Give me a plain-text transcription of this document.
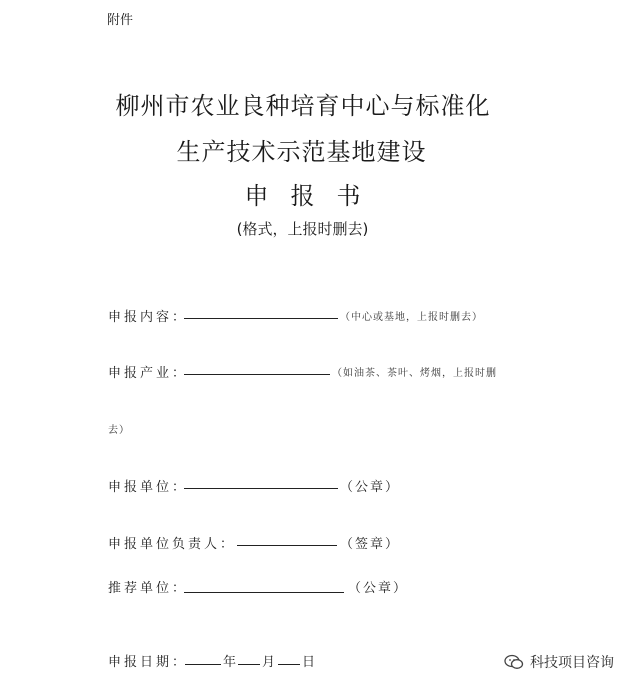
附件
柳州市农业良种培育中心与标准化
生产技术示范基地建设
申报书
(格式，上报时删去)
申报内容：	（中心或基地，上报时删去）
申报产业：	（如油茶、茶叶、烤烟，上报时删
去）
申报单位：	（公章）
申报单位负责人：	（签章）
推荐单位：	（公章）
申报日期：	年 月 日	科技项目咨询
